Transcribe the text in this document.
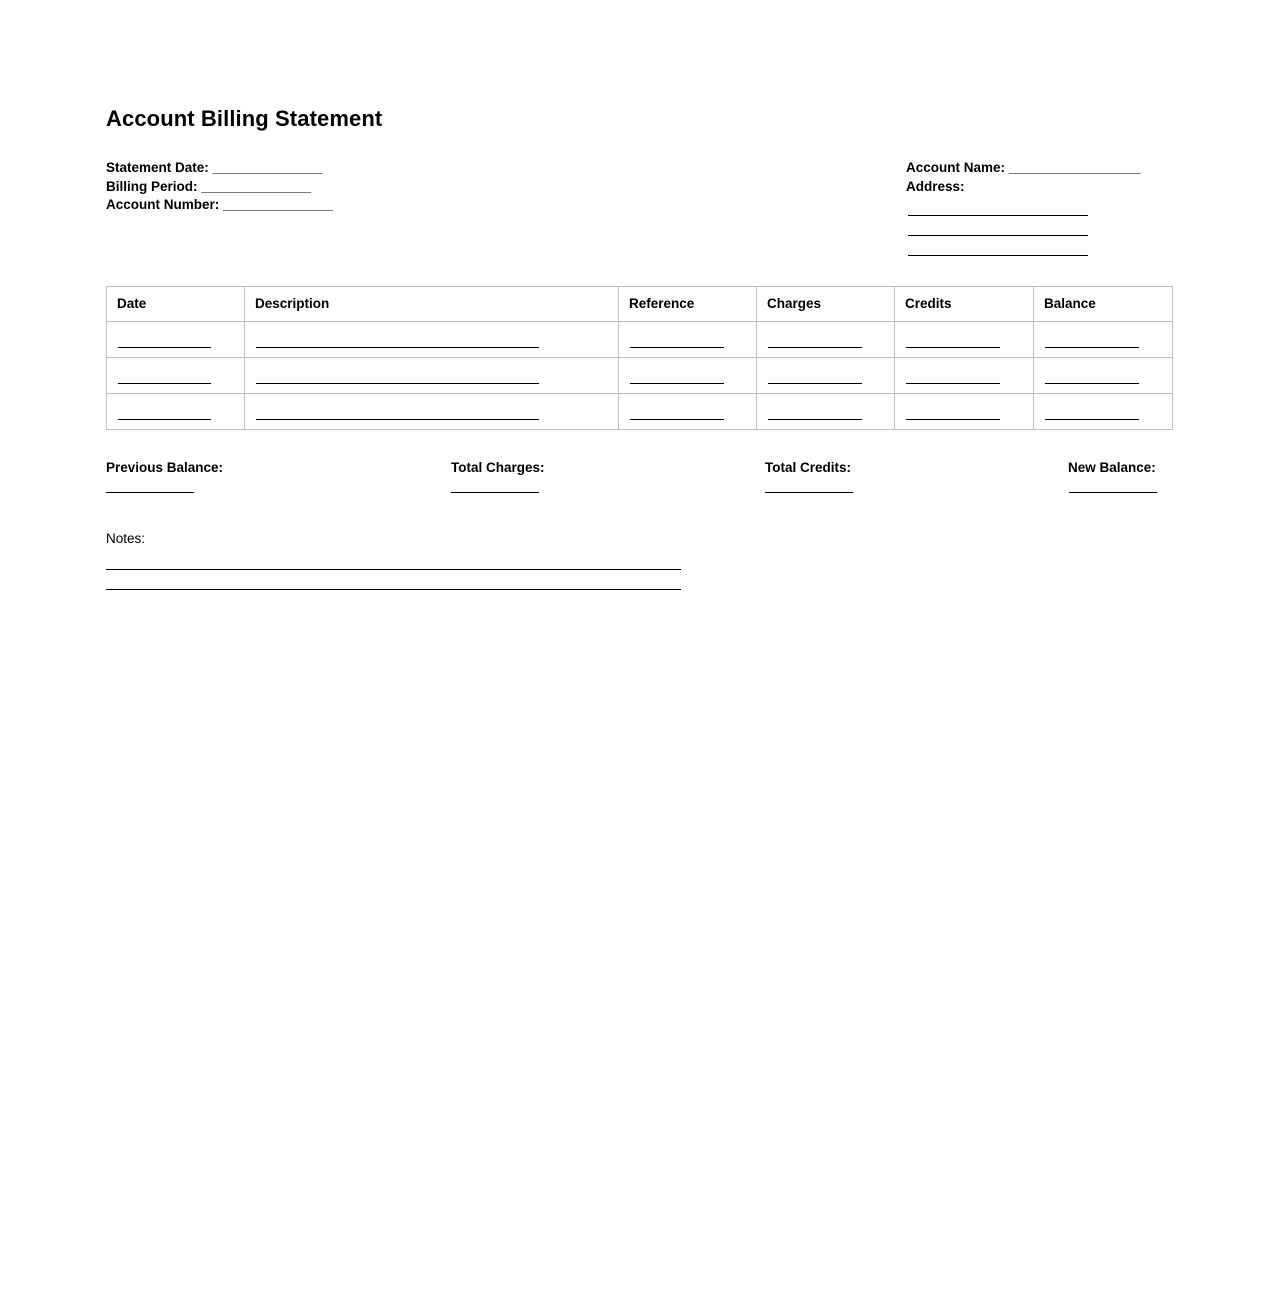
Account Billing Statement
Statement Date: _______________
Billing Period: _______________
Account Number: _______________
Account Name: __________________
Address:
Date	Description	Reference	Charges	Credits	Balance

Previous Balance:	Total Charges:	Total Credits:	New Balance:
Notes:
